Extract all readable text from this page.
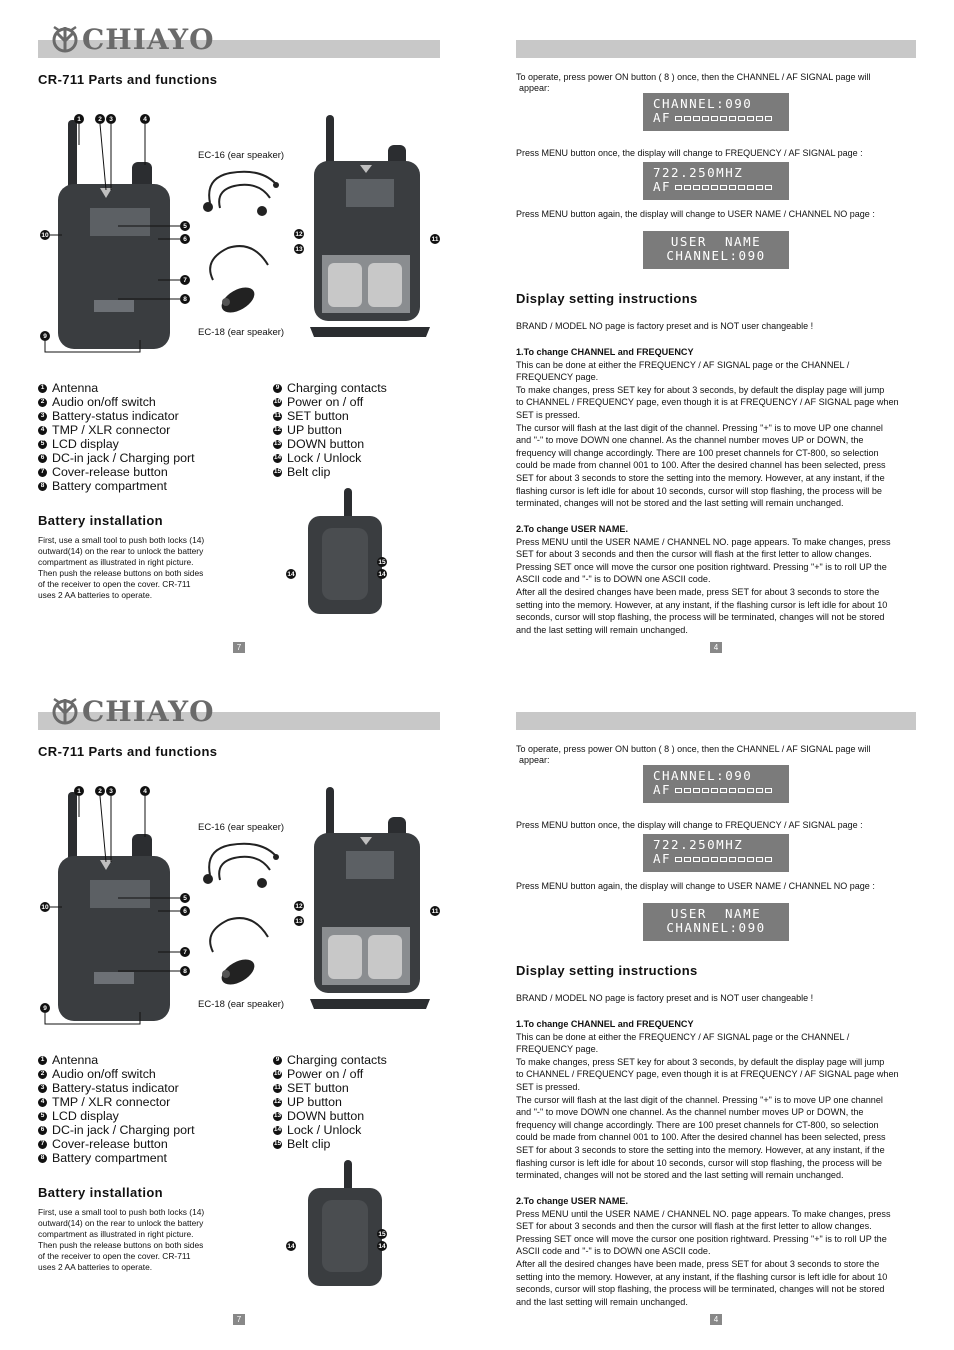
CHIAYO
CR-711 Parts and functions
1	2	3	4
5
6
7
8
9
10
EC-16 (ear speaker)
EC-18 (ear speaker)
12
13
11
1 Antenna
2 Audio on/off switch
3 Battery-status indicator
4 TMP / XLR connector
5 LCD display
6 DC-in jack / Charging port
7 Cover-release button
8 Battery compartment
9 Charging contacts
10 Power on / off
11 SET button
12 UP button
13 DOWN button
14 Lock / Unlock
15 Belt clip
Battery installation
First, use a small tool to push both locks (14)
outward(14) on the rear to unlock the battery
compartment as illustrated in right picture.
Then push the release buttons on both sides
of the receiver to open the cover. CR-711
uses 2 AA batteries to operate.
15
14	14
7
To operate, press power ON button ( 8 ) once, then the CHANNEL / AF SIGNAL page will
appear:
CHANNEL:090
AF
Press MENU button once, the display will change to FREQUENCY / AF SIGNAL page :
722.250MHZ
AF
Press MENU button again, the display will change to USER NAME / CHANNEL NO page :
USER  NAME
CHANNEL:090
Display setting instructions
BRAND / MODEL NO page is factory preset and is NOT user changeable !
1.To change CHANNEL and FREQUENCY
This can be done at either the FREQUENCY / AF SIGNAL page or the CHANNEL /
FREQUENCY page.
To make changes, press SET key for about 3 seconds, by default the display page will jump
to CHANNEL / FREQUENCY page, even though it is at FREQUENCY / AF SIGNAL page when
SET is pressed.
The cursor will flash at the last digit of the channel. Pressing "+" is to move UP one channel
and "-" to move DOWN one channel. As the channel number moves UP or DOWN, the
frequency will change accordingly. There are 100 preset channels for CT-800, so selection
could be made from channel 001 to 100. After the desired channel has been selected, press
SET for about 3 seconds to store the setting into the memory. However, at any instant, if the
flashing cursor is left idle for about 10 seconds, cursor will stop flashing, the process will be
terminated, changes will not be stored and the last setting will remain unchanged.
2.To change USER NAME.
Press MENU until the USER NAME / CHANNEL NO. page appears. To make changes, press
SET for about 3 seconds and then the cursor will flash at the first letter to allow changes.
Pressing SET once will move the cursor one position rightward. Pressing "+" is to roll UP the
ASCII code and "-" is to DOWN one ASCII code.
After all the desired changes have been made, press SET for about 3 seconds to store the
setting into the memory. However, at any instant, if the flashing cursor is left idle for about 10
seconds, cursor will stop flashing, the process will be terminated, changes will not be stored
and the last setting will remain unchanged.
4
CHIAYO
CR-711 Parts and functions
1	2	3	4
5
6
7
8
9
10
EC-16 (ear speaker)
EC-18 (ear speaker)
12
13
11
1 Antenna
2 Audio on/off switch
3 Battery-status indicator
4 TMP / XLR connector
5 LCD display
6 DC-in jack / Charging port
7 Cover-release button
8 Battery compartment
9 Charging contacts
10 Power on / off
11 SET button
12 UP button
13 DOWN button
14 Lock / Unlock
15 Belt clip
Battery installation
First, use a small tool to push both locks (14)
outward(14) on the rear to unlock the battery
compartment as illustrated in right picture.
Then push the release buttons on both sides
of the receiver to open the cover. CR-711
uses 2 AA batteries to operate.
15
14	14
7
To operate, press power ON button ( 8 ) once, then the CHANNEL / AF SIGNAL page will
appear:
CHANNEL:090
AF
Press MENU button once, the display will change to FREQUENCY / AF SIGNAL page :
722.250MHZ
AF
Press MENU button again, the display will change to USER NAME / CHANNEL NO page :
USER  NAME
CHANNEL:090
Display setting instructions
BRAND / MODEL NO page is factory preset and is NOT user changeable !
1.To change CHANNEL and FREQUENCY
This can be done at either the FREQUENCY / AF SIGNAL page or the CHANNEL /
FREQUENCY page.
To make changes, press SET key for about 3 seconds, by default the display page will jump
to CHANNEL / FREQUENCY page, even though it is at FREQUENCY / AF SIGNAL page when
SET is pressed.
The cursor will flash at the last digit of the channel. Pressing "+" is to move UP one channel
and "-" to move DOWN one channel. As the channel number moves UP or DOWN, the
frequency will change accordingly. There are 100 preset channels for CT-800, so selection
could be made from channel 001 to 100. After the desired channel has been selected, press
SET for about 3 seconds to store the setting into the memory. However, at any instant, if the
flashing cursor is left idle for about 10 seconds, cursor will stop flashing, the process will be
terminated, changes will not be stored and the last setting will remain unchanged.
2.To change USER NAME.
Press MENU until the USER NAME / CHANNEL NO. page appears. To make changes, press
SET for about 3 seconds and then the cursor will flash at the first letter to allow changes.
Pressing SET once will move the cursor one position rightward. Pressing "+" is to roll UP the
ASCII code and "-" is to DOWN one ASCII code.
After all the desired changes have been made, press SET for about 3 seconds to store the
setting into the memory. However, at any instant, if the flashing cursor is left idle for about 10
seconds, cursor will stop flashing, the process will be terminated, changes will not be stored
and the last setting will remain unchanged.
4
